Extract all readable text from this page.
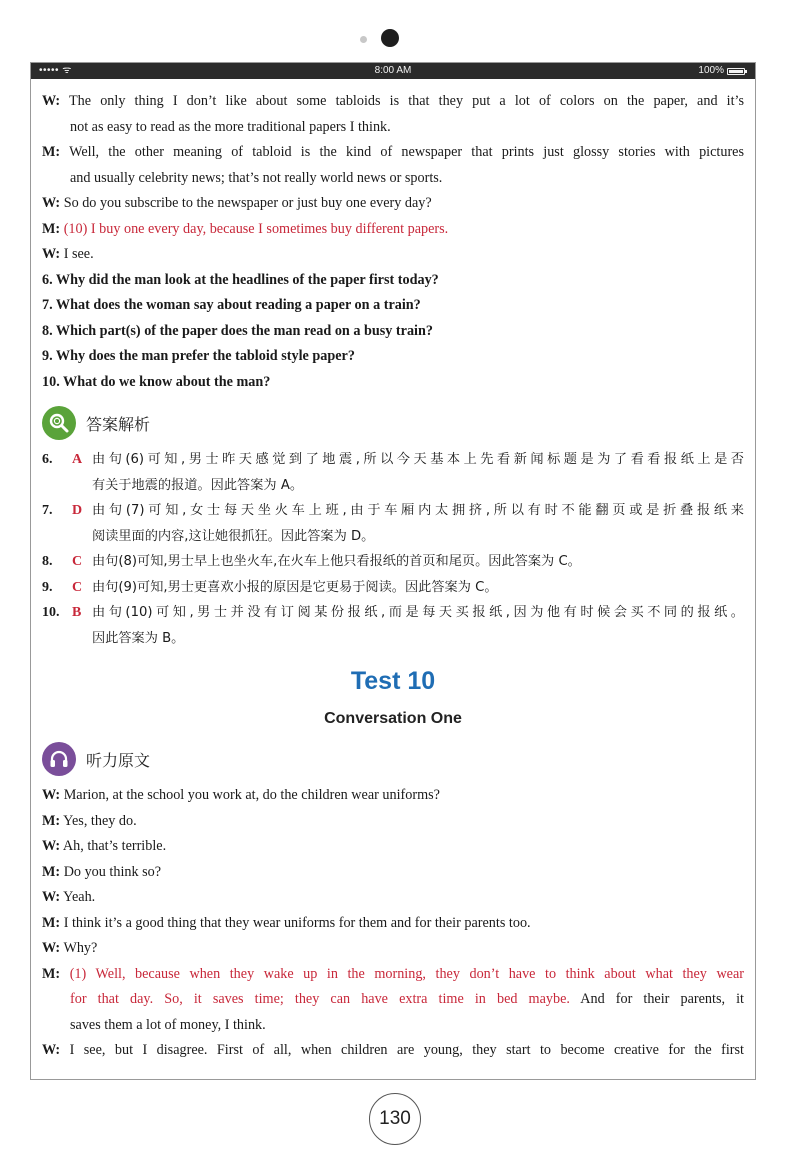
••••• ᯤ	8:00 AM	100%
W: The only thing I don’t like about some tabloids is that they put a lot of colors on the paper, and it’s
not as easy to read as the more traditional papers I think.
M: Well, the other meaning of tabloid is the kind of newspaper that prints just glossy stories with pictures
and usually celebrity news; that’s not really world news or sports.
W: So do you subscribe to the newspaper or just buy one every day?
M: (10) I buy one every day, because I sometimes buy different papers.
W: I see.
6. Why did the man look at the headlines of the paper first today?
7. What does the woman say about reading a paper on a train?
8. Which part(s) of the paper does the man read on a busy train?
9. Why does the man prefer the tabloid style paper?
10. What do we know about the man?
答案解析
6.	A 由句(6)可知,男士昨天感觉到了地震,所以今天基本上先看新闻标题是为了看看报纸上是否
有关于地震的报道。因此答案为 A。
7.	D 由句(7)可知,女士每天坐火车上班,由于车厢内太拥挤,所以有时不能翻页或是折叠报纸来
阅读里面的内容,这让她很抓狂。因此答案为 D。
8.	C 由句(8)可知,男士早上也坐火车,在火车上他只看报纸的首页和尾页。因此答案为 C。
9.	C 由句(9)可知,男士更喜欢小报的原因是它更易于阅读。因此答案为 C。
10. B 由句(10)可知,男士并没有订阅某份报纸,而是每天买报纸,因为他有时候会买不同的报纸。
因此答案为 B。
Test 10
Conversation One
听力原文
W: Marion, at the school you work at, do the children wear uniforms?
M: Yes, they do.
W: Ah, that’s terrible.
M: Do you think so?
W: Yeah.
M: I think it’s a good thing that they wear uniforms for them and for their parents too.
W: Why?
M: (1) Well, because when they wake up in the morning, they don’t have to think about what they wear
for that day. So, it saves time; they can have extra time in bed maybe. And for their parents, it
saves them a lot of money, I think.
W: I see, but I disagree. First of all, when children are young, they start to become creative for the first
130
